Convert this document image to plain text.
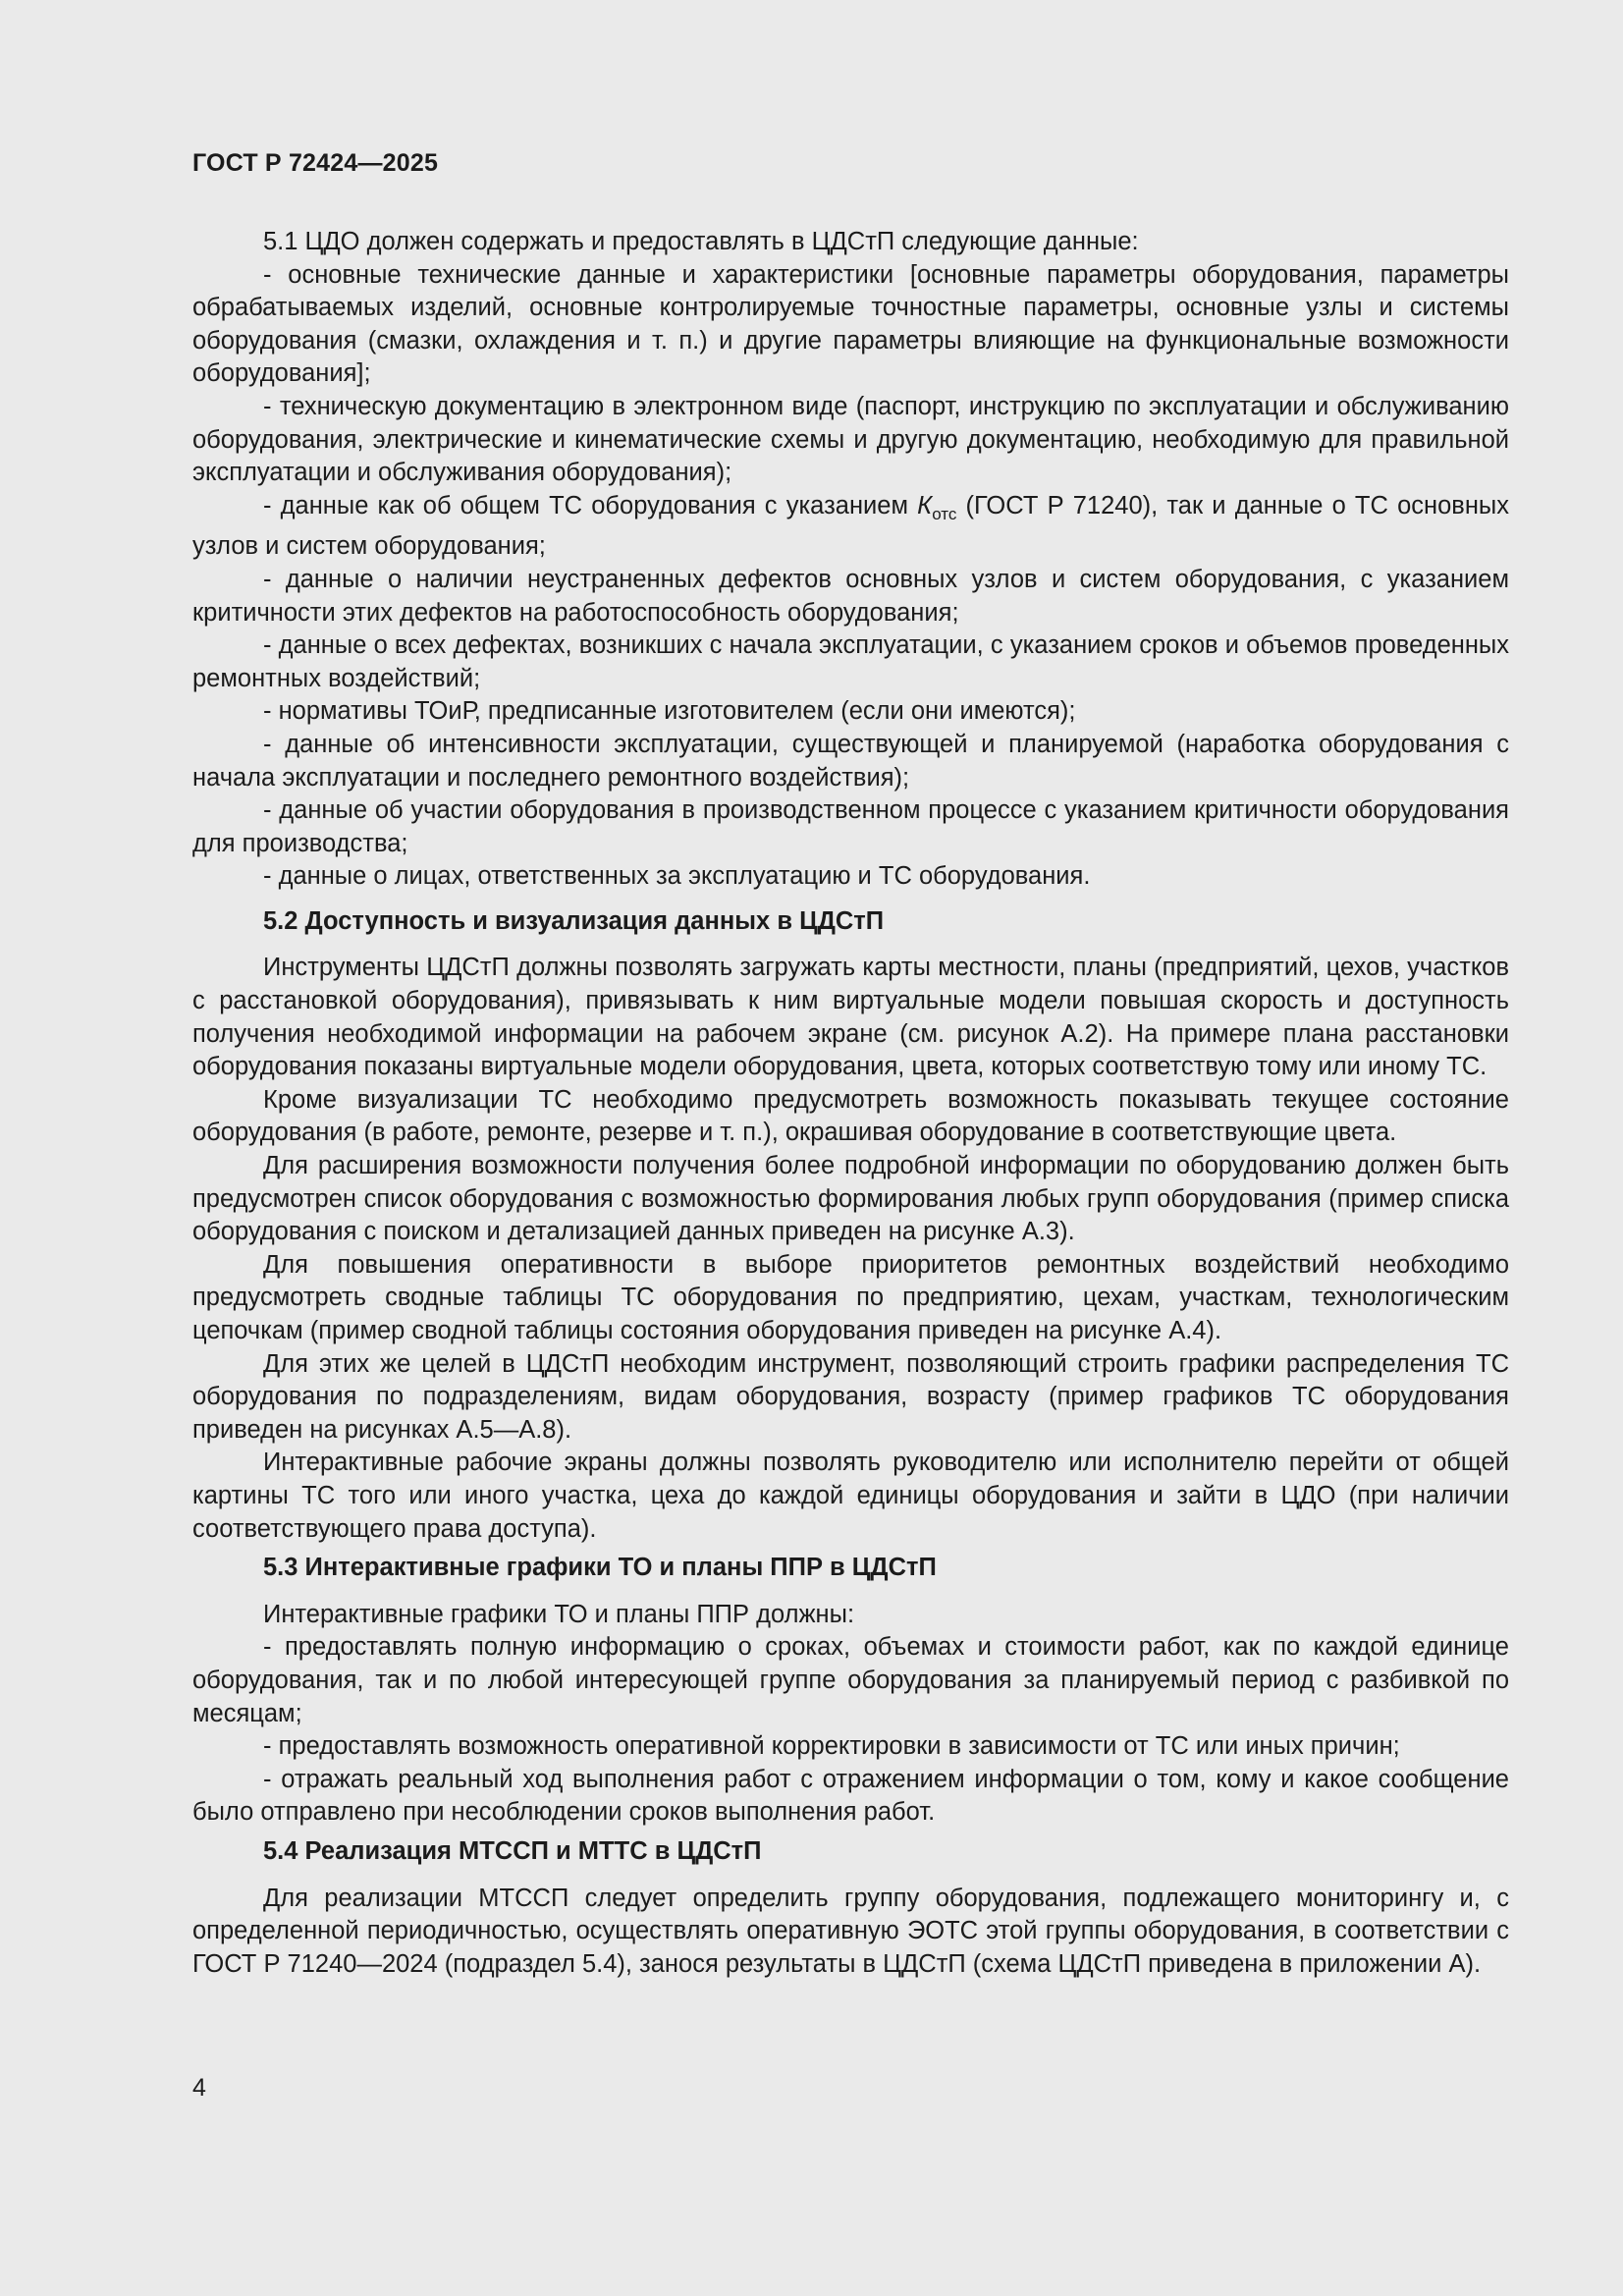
ГОСТ Р 72424—2025

5.1 ЦДО должен содержать и предоставлять в ЦДСтП следующие данные:

- основные технические данные и характеристики [основные параметры оборудования, параметры обрабатываемых изделий, основные контролируемые точностные параметры, основные узлы и системы оборудования (смазки, охлаждения и т. п.) и другие параметры влияющие на функциональные возможности оборудования];

- техническую документацию в электронном виде (паспорт, инструкцию по эксплуатации и обслуживанию оборудования, электрические и кинематические схемы и другую документацию, необходимую для правильной эксплуатации и обслуживания оборудования);

- данные как об общем ТС оборудования с указанием $К_{отс}$ (ГОСТ Р 71240), так и данные о ТС основных узлов и систем оборудования;

- данные о наличии неустраненных дефектов основных узлов и систем оборудования, с указанием критичности этих дефектов на работоспособность оборудования;

- данные о всех дефектах, возникших с начала эксплуатации, с указанием сроков и объемов проведенных ремонтных воздействий;

- нормативы ТОиР, предписанные изготовителем (если они имеются);

- данные об интенсивности эксплуатации, существующей и планируемой (наработка оборудования с начала эксплуатации и последнего ремонтного воздействия);

- данные об участии оборудования в производственном процессе с указанием критичности оборудования для производства;

- данные о лицах, ответственных за эксплуатацию и ТС оборудования.

5.2 Доступность и визуализация данных в ЦДСтП

Инструменты ЦДСтП должны позволять загружать карты местности, планы (предприятий, цехов, участков с расстановкой оборудования), привязывать к ним виртуальные модели повышая скорость и доступность получения необходимой информации на рабочем экране (см. рисунок А.2). На примере плана расстановки оборудования показаны виртуальные модели оборудования, цвета, которых соответствую тому или иному ТС.

Кроме визуализации ТС необходимо предусмотреть возможность показывать текущее состояние оборудования (в работе, ремонте, резерве и т. п.), окрашивая оборудование в соответствующие цвета.

Для расширения возможности получения более подробной информации по оборудованию должен быть предусмотрен список оборудования с возможностью формирования любых групп оборудования (пример списка оборудования с поиском и детализацией данных приведен на рисунке А.3).

Для повышения оперативности в выборе приоритетов ремонтных воздействий необходимо предусмотреть сводные таблицы ТС оборудования по предприятию, цехам, участкам, технологическим цепочкам (пример сводной таблицы состояния оборудования приведен на рисунке А.4).

Для этих же целей в ЦДСтП необходим инструмент, позволяющий строить графики распределения ТС оборудования по подразделениям, видам оборудования, возрасту (пример графиков ТС оборудования приведен на рисунках А.5—А.8).

Интерактивные рабочие экраны должны позволять руководителю или исполнителю перейти от общей картины ТС того или иного участка, цеха до каждой единицы оборудования и зайти в ЦДО (при наличии соответствующего права доступа).

5.3 Интерактивные графики ТО и планы ППР в ЦДСтП

Интерактивные графики ТО и планы ППР должны:

- предоставлять полную информацию о сроках, объемах и стоимости работ, как по каждой единице оборудования, так и по любой интересующей группе оборудования за планируемый период с разбивкой по месяцам;

- предоставлять возможность оперативной корректировки в зависимости от ТС или иных причин;

- отражать реальный ход выполнения работ с отражением информации о том, кому и какое сообщение было отправлено при несоблюдении сроков выполнения работ.

5.4 Реализация МТССП и МТТС в ЦДСтП

Для реализации МТССП следует определить группу оборудования, подлежащего мониторингу и, с определенной периодичностью, осуществлять оперативную ЭОТС этой группы оборудования, в соответствии с ГОСТ Р 71240—2024 (подраздел 5.4), занося результаты в ЦДСтП (схема ЦДСтП приведена в приложении А).

4
